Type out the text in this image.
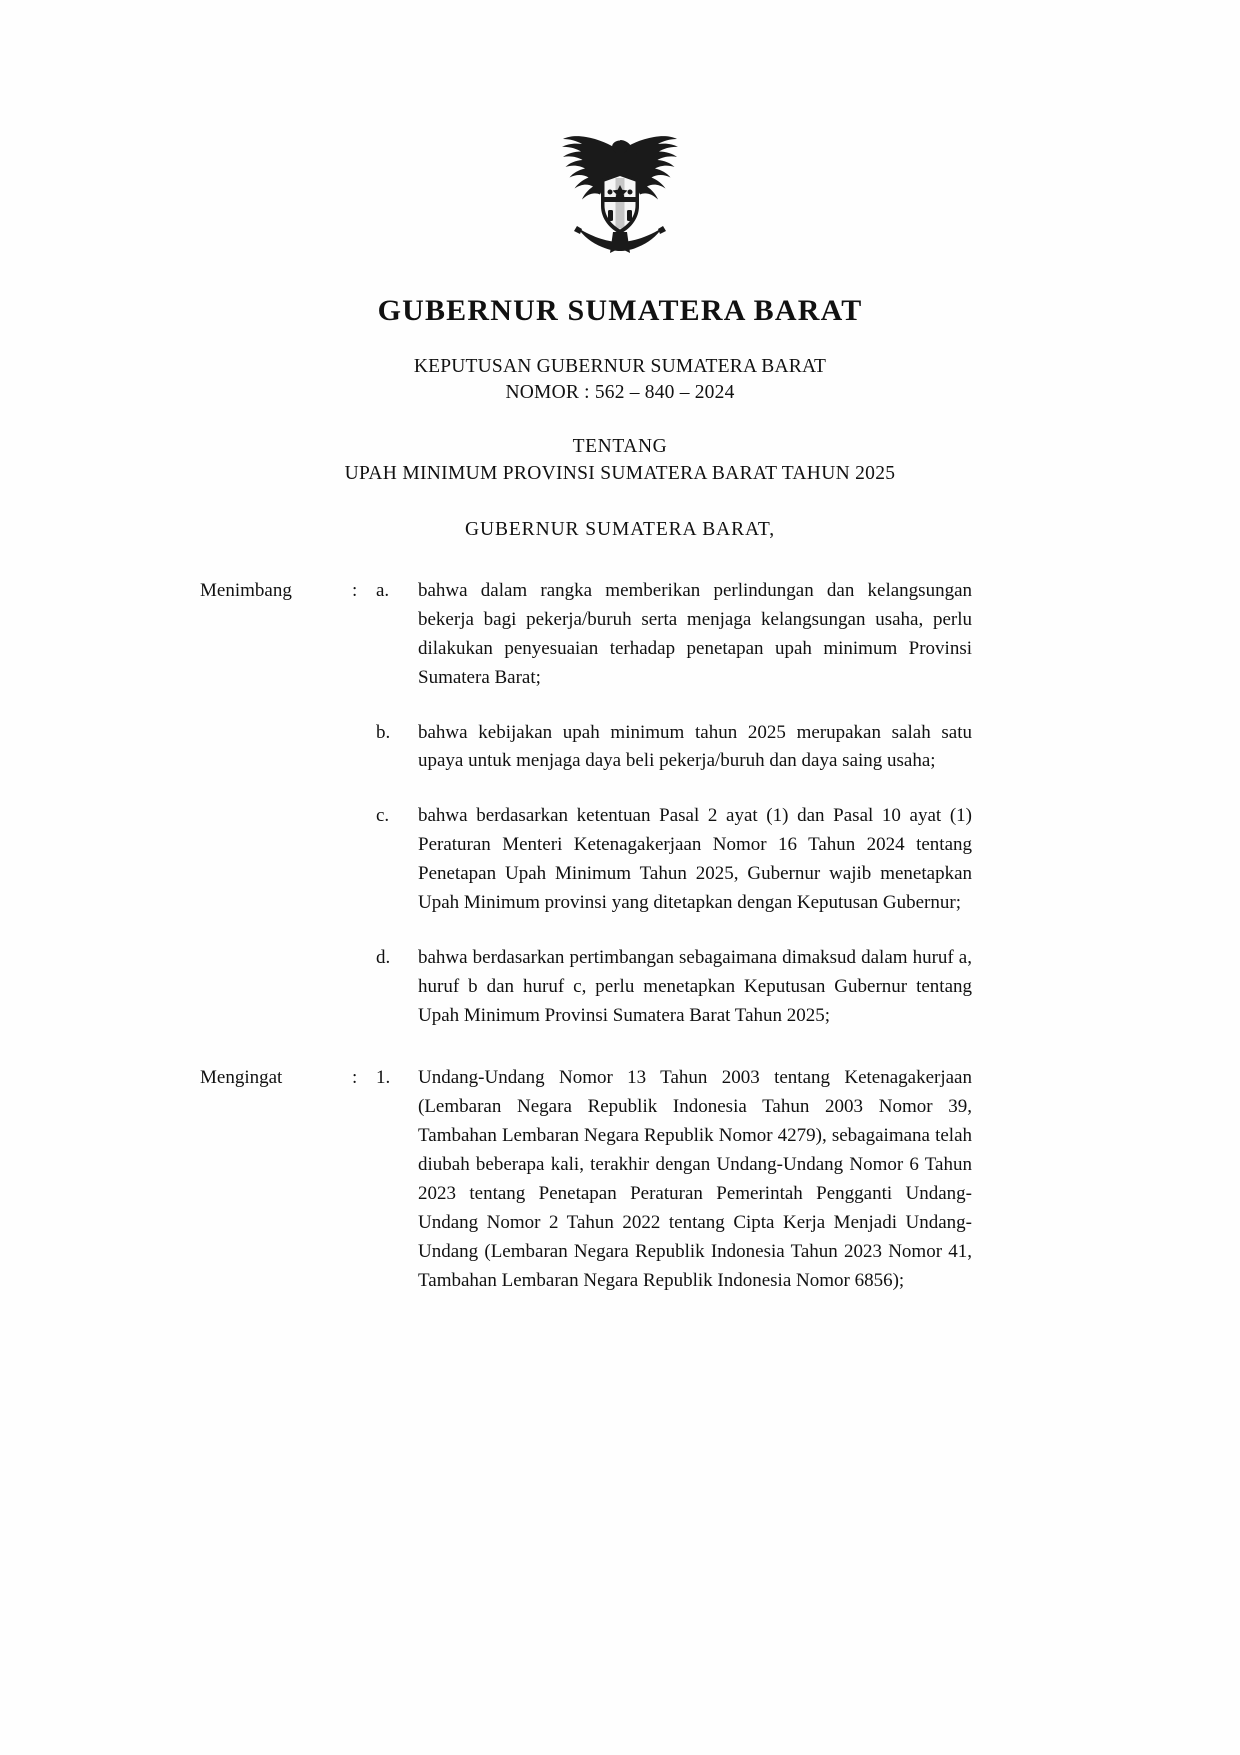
GUBERNUR SUMATERA BARAT
KEPUTUSAN GUBERNUR SUMATERA BARAT
NOMOR : 562 – 840 – 2024
TENTANG
UPAH MINIMUM PROVINSI SUMATERA BARAT TAHUN 2025
GUBERNUR SUMATERA BARAT,
Menimbang	: a.	bahwa dalam rangka memberikan perlindungan dan kelangsungan bekerja bagi pekerja/buruh serta menjaga kelangsungan usaha, perlu dilakukan penyesuaian terhadap penetapan upah minimum Provinsi Sumatera Barat;
b.	bahwa kebijakan upah minimum tahun 2025 merupakan salah satu upaya untuk menjaga daya beli pekerja/buruh dan daya saing usaha;
c.	bahwa berdasarkan ketentuan Pasal 2 ayat (1) dan Pasal 10 ayat (1) Peraturan Menteri Ketenagakerjaan Nomor 16 Tahun 2024 tentang Penetapan Upah Minimum Tahun 2025, Gubernur wajib menetapkan Upah Minimum provinsi yang ditetapkan dengan Keputusan Gubernur;
d.	bahwa berdasarkan pertimbangan sebagaimana dimaksud dalam huruf a, huruf b dan huruf c, perlu menetapkan Keputusan Gubernur tentang Upah Minimum Provinsi Sumatera Barat Tahun 2025;
Mengingat	: 1.	Undang-Undang Nomor 13 Tahun 2003 tentang Ketenagakerjaan (Lembaran Negara Republik Indonesia Tahun 2003 Nomor 39, Tambahan Lembaran Negara Republik Nomor 4279), sebagaimana telah diubah beberapa kali, terakhir dengan Undang-Undang Nomor 6 Tahun 2023 tentang Penetapan Peraturan Pemerintah Pengganti Undang-Undang Nomor 2 Tahun 2022 tentang Cipta Kerja Menjadi Undang-Undang (Lembaran Negara Republik Indonesia Tahun 2023 Nomor 41, Tambahan Lembaran Negara Republik Indonesia Nomor 6856);
